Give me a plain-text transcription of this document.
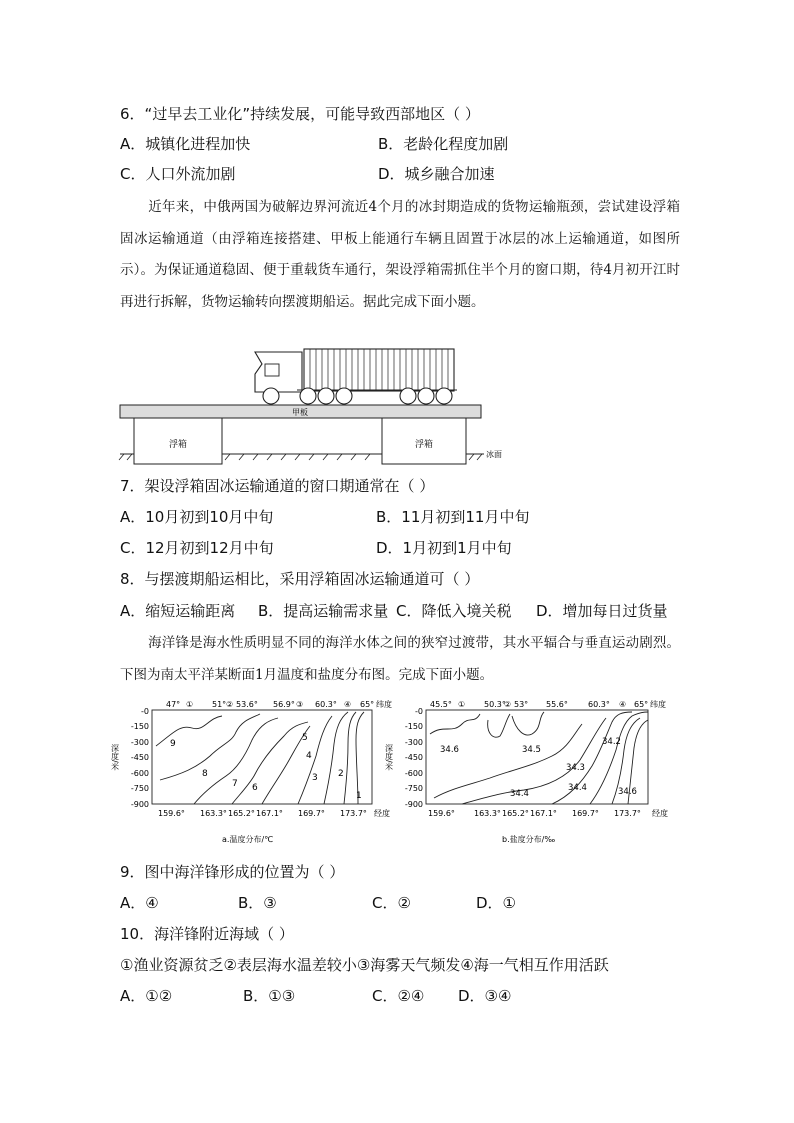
6．“过早去工业化”持续发展，可能导致西部地区（ ）
A．城镇化进程加快	B．老龄化程度加剧
C．人口外流加剧	D．城乡融合加速
近年来，中俄两国为破解边界河流近4个月的冰封期造成的货物运输瓶颈，尝试建设浮箱固冰运输通道（由浮箱连接搭建、甲板上能通行车辆且固置于冰层的冰上运输通道，如图所示）。为保证通道稳固、便于重载货车通行，架设浮箱需抓住半个月的窗口期，待4月初开江时再进行拆解，货物运输转向摆渡期船运。据此完成下面小题。
甲板
浮箱	浮箱
冰面
7．架设浮箱固冰运输通道的窗口期通常在（ ）
A．10月初到10月中旬	B．11月初到11月中旬
C．12月初到12月中旬	D．1月初到1月中旬
8．与摆渡期船运相比，采用浮箱固冰运输通道可（ ）
A．缩短运输距离 B．提高运输需求量 C．降低入境关税 D．增加每日过货量
海洋锋是海水性质明显不同的海洋水体之间的狭窄过渡带，其水平辐合与垂直运动剧烈。下图为南太平洋某断面1月温度和盐度分布图。完成下面小题。
47° ① 51° ② 53.6° 56.9° ③ 60.3° ④ 65° 纬度
-0
-150
-300
-450
-600
-750
-900
深度/米	9
8
7 6
5
4
3 2
1
159.6° 163.3° 165.2° 167.1° 169.7° 173.7° 经度
a.温度分布/℃
45.5° ① 50.3°
② 53° 55.6°	60.3° ④ 65° 纬度
-0
-150
-300
-450
-600
-750
-900
深度/米	34.6	34.5
34.2
34.3
34.4
34.4	34.6
159.6° 163.3° 165.2° 167.1° 169.7° 173.7° 经度
b.盐度分布/‰
9．图中海洋锋形成的位置为（ ）
A．④	B．③	C．②	D．①
10．海洋锋附近海域（ ）
①渔业资源贫乏②表层海水温差较小③海雾天气频发④海一气相互作用活跃
A．①②	B．①③	C．②④ D．③④
